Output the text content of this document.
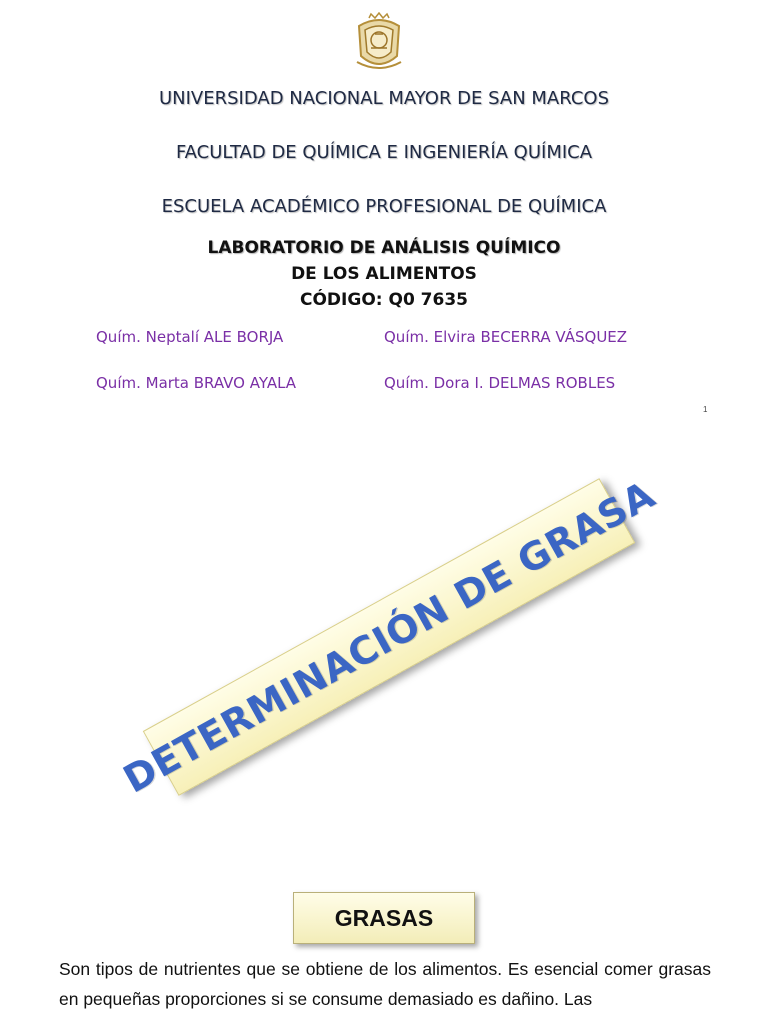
UNIVERSIDAD NACIONAL MAYOR DE SAN MARCOS
FACULTAD DE QUÍMICA E INGENIERÍA QUÍMICA
ESCUELA ACADÉMICO PROFESIONAL DE QUÍMICA
LABORATORIO DE ANÁLISIS QUÍMICO
DE LOS ALIMENTOS
CÓDIGO: Q0 7635
Quím. Neptalí ALE BORJA	Quím. Elvira BECERRA VÁSQUEZ
Quím. Marta BRAVO AYALA	Quím. Dora I. DELMAS ROBLES
1
DETERMINACIÓN DE GRASA
GRASAS
Son tipos de nutrientes que se obtiene de los alimentos. Es esencial comer grasas en pequeñas proporciones si se consume demasiado es dañino. Las
